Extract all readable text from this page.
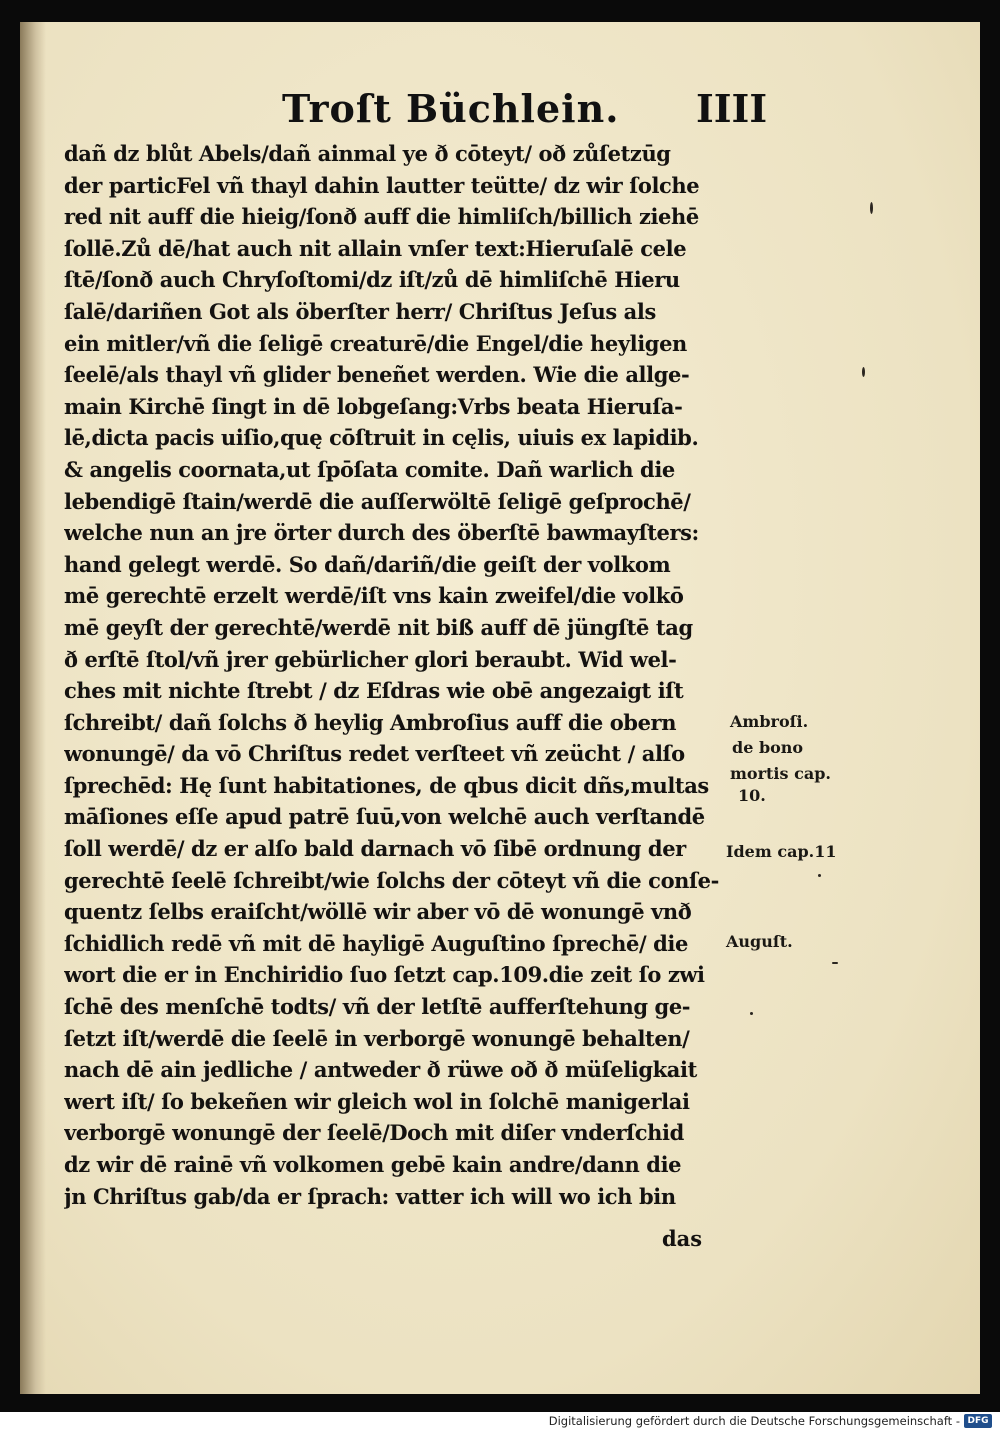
Troſt Büchlein. IIII
dañ dz blůt Abels/dañ ainmal ye ð cōteyt/ oð zůſetzūg
der particFel vñ thayl dahin lautter teütte/ dz wir ſolche
red nit auff die hieig/ſonð auff die himliſch/billich ziehē
ſollē.Zů dē/hat auch nit allain vnſer text:Hieruſalē cele
ſtē/ſonð auch Chryſoſtomi/dz iſt/zů dē himliſchē Hieru
ſalē/dariñen Got als öberſter herr/ Chriſtus Jeſus als
ein mitler/vñ die ſeligē creaturē/die Engel/die heyligen
ſeelē/als thayl vñ glider beneñet werden. Wie die allge-
main Kirchē ſingt in dē lobgeſang:Vrbs beata Hieruſa-
lē,dicta pacis uiſio,quę cōſtruit in cęlis, uiuis ex lapidib.
& angelis coornata,ut ſpōſata comite. Dañ warlich die
lebendigē ſtain/werdē die auſſerwöltē ſeligē geſprochē/
welche nun an jre örter durch des öberſtē bawmayſters:
hand gelegt werdē. So dañ/dariñ/die geiſt der volkom
mē gerechtē erzelt werdē/iſt vns kain zweifel/die volkō
mē geyſt der gerechtē/werdē nit biß auff dē jüngſtē tag
ð erſtē ſtol/vñ jrer gebürlicher glori beraubt. Wid wel-
ches mit nichte ſtrebt / dz Eſdras wie obē angezaigt iſt
ſchreibt/ dañ ſolchs ð heylig Ambroſius auff die obern
wonungē/ da vō Chriſtus redet verſteet vñ zeücht / alſo
ſprechēd: Hę ſunt habitationes, de qbus dicit dñs,multas
māſiones eſſe apud patrē ſuū,von welchē auch verſtandē
ſoll werdē/ dz er alſo bald darnach vō ſibē ordnung der
gerechtē ſeelē ſchreibt/wie ſolchs der cōteyt vñ die conſe-
quentz ſelbs eraiſcht/wöllē wir aber vō dē wonungē vnð
ſchidlich redē vñ mit dē hayligē Auguſtino ſprechē/ die
wort die er in Enchiridio ſuo ſetzt cap.109.die zeit ſo zwi
ſchē des menſchē todts/ vñ der letſtē aufferſtehung ge-
ſetzt iſt/werdē die ſeelē in verborgē wonungē behalten/
nach dē ain jedliche / antweder ð rüwe oð ð müſeligkait
wert iſt/ ſo bekeñen wir gleich wol in ſolchē manigerlai
verborgē wonungē der ſeelē/Doch mit diſer vnderſchid
dz wir dē rainē vñ volkomen gebē kain andre/dann die
jn Chriſtus gab/da er ſprach: vatter ich will wo ich bin
das
Ambroſi.
de bono
mortis cap.
10.
Idem cap.11
Auguſt.
Digitalisierung gefördert durch die Deutsche Forschungsgemeinschaft - DFG
